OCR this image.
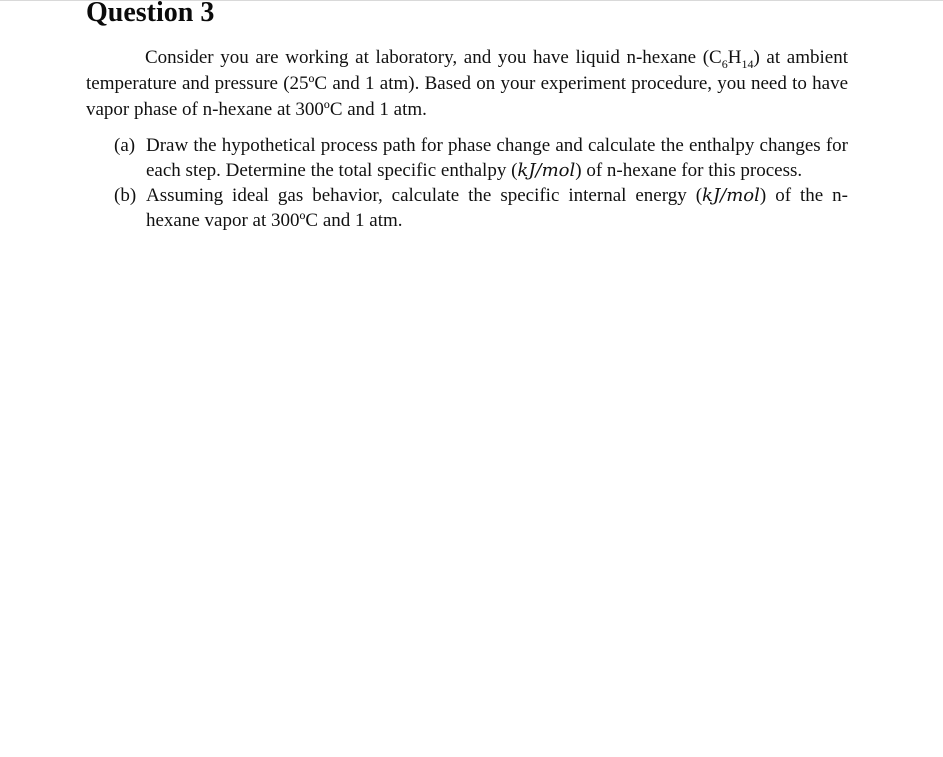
Question 3

Consider you are working at laboratory, and you have liquid n-hexane $(C_6H_{14})$ at ambient temperature and pressure (25ºC and 1 atm). Based on your experiment procedure, you need to have vapor phase of n-hexane at 300ºC and 1 atm.

(a) Draw the hypothetical process path for phase change and calculate the enthalpy changes for each step. Determine the total specific enthalpy (kJ/mol) of n-hexane for this process.
(b) Assuming ideal gas behavior, calculate the specific internal energy (kJ/mol) of the n-hexane vapor at 300ºC and 1 atm.
